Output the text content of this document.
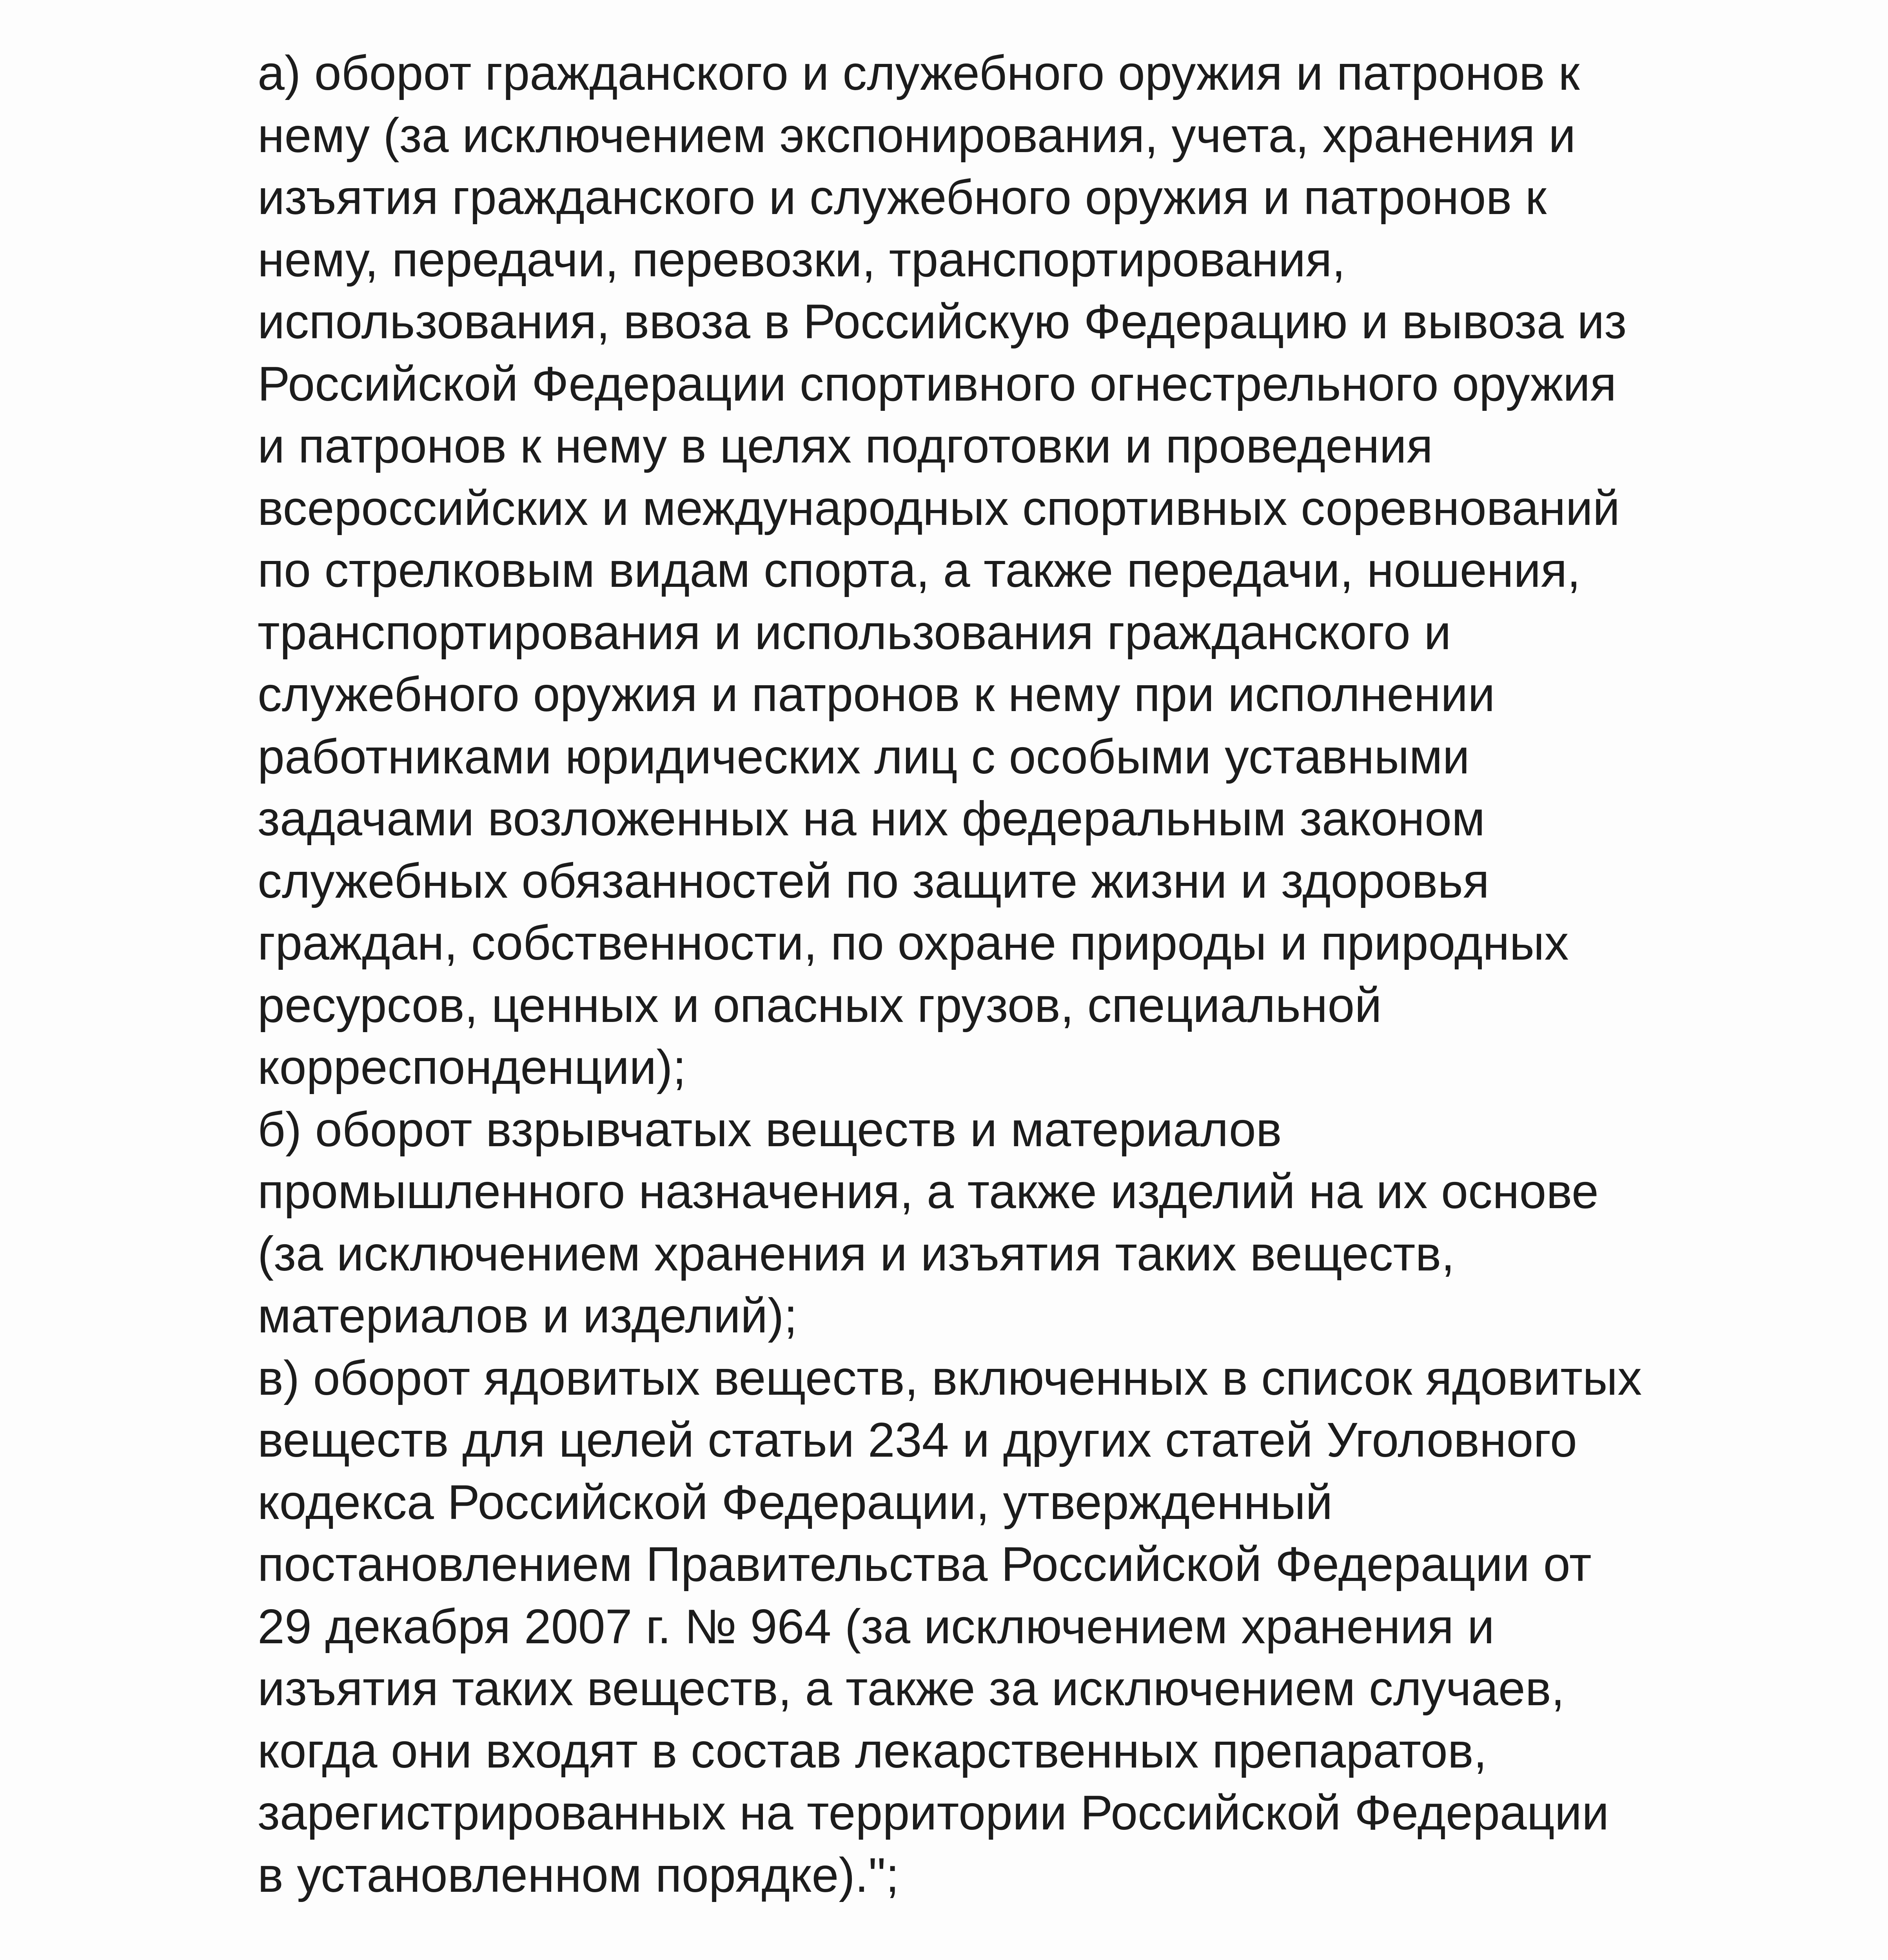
а) оборот гражданского и служебного оружия и патронов к
нему (за исключением экспонирования, учета, хранения и
изъятия гражданского и служебного оружия и патронов к
нему, передачи, перевозки, транспортирования,
использования, ввоза в Российскую Федерацию и вывоза из
Российской Федерации спортивного огнестрельного оружия
и патронов к нему в целях подготовки и проведения
всероссийских и международных спортивных соревнований
по стрелковым видам спорта, а также передачи, ношения,
транспортирования и использования гражданского и
служебного оружия и патронов к нему при исполнении
работниками юридических лиц с особыми уставными
задачами возложенных на них федеральным законом
служебных обязанностей по защите жизни и здоровья
граждан, собственности, по охране природы и природных
ресурсов, ценных и опасных грузов, специальной
корреспонденции);
б) оборот взрывчатых веществ и материалов
промышленного назначения, а также изделий на их основе
(за исключением хранения и изъятия таких веществ,
материалов и изделий);
в) оборот ядовитых веществ, включенных в список ядовитых
веществ для целей статьи 234 и других статей Уголовного
кодекса Российской Федерации, утвержденный
постановлением Правительства Российской Федерации от
29 декабря 2007 г. № 964 (за исключением хранения и
изъятия таких веществ, а также за исключением случаев,
когда они входят в состав лекарственных препаратов,
зарегистрированных на территории Российской Федерации
в установленном порядке).";
